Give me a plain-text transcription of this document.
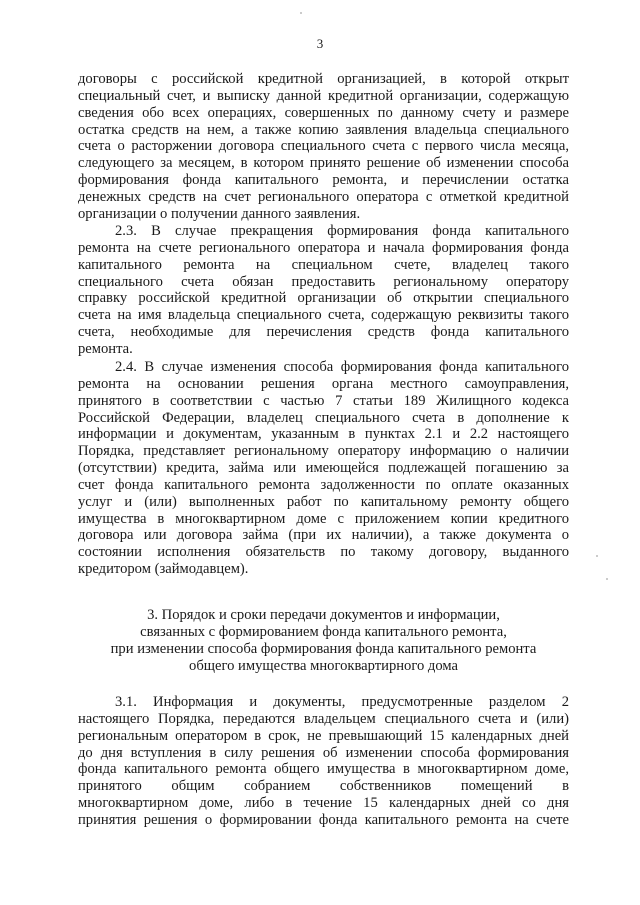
3
договоры с российской кредитной организацией, в которой открыт
специальный счет, и выписку данной кредитной организации, содержащую
сведения обо всех операциях, совершенных по данному счету и размере
остатка средств на нем, а также копию заявления владельца специального
счета о расторжении договора специального счета с первого числа месяца,
следующего за месяцем, в котором принято решение об изменении способа
формирования фонда капитального ремонта, и перечислении остатка
денежных средств на счет регионального оператора с отметкой кредитной
организации о получении данного заявления.
2.3. В случае прекращения формирования фонда капитального
ремонта на счете регионального оператора и начала формирования фонда
капитального ремонта на специальном счете, владелец такого
специального счета обязан предоставить региональному оператору
справку российской кредитной организации об открытии специального
счета на имя владельца специального счета, содержащую реквизиты такого
счета, необходимые для перечисления средств фонда капитального
ремонта.
2.4. В случае изменения способа формирования фонда капитального
ремонта на основании решения органа местного самоуправления,
принятого в соответствии с частью 7 статьи 189 Жилищного кодекса
Российской Федерации, владелец специального счета в дополнение к
информации и документам, указанным в пунктах 2.1 и 2.2 настоящего
Порядка, представляет региональному оператору информацию о наличии
(отсутствии) кредита, займа или имеющейся подлежащей погашению за
счет фонда капитального ремонта задолженности по оплате оказанных
услуг и (или) выполненных работ по капитальному ремонту общего
имущества в многоквартирном доме с приложением копии кредитного
договора или договора займа (при их наличии), а также документа о
состоянии исполнения обязательств по такому договору, выданного
кредитором (займодавцем).
3. Порядок и сроки передачи документов и информации,
связанных с формированием фонда капитального ремонта,
при изменении способа формирования фонда капитального ремонта
общего имущества многоквартирного дома
3.1. Информация и документы, предусмотренные разделом 2
настоящего Порядка, передаются владельцем специального счета и (или)
региональным оператором в срок, не превышающий 15 календарных дней
до дня вступления в силу решения об изменении способа формирования
фонда капитального ремонта общего имущества в многоквартирном доме,
принятого общим собранием собственников помещений в
многоквартирном доме, либо в течение 15 календарных дней со дня
принятия решения о формировании фонда капитального ремонта на счете
